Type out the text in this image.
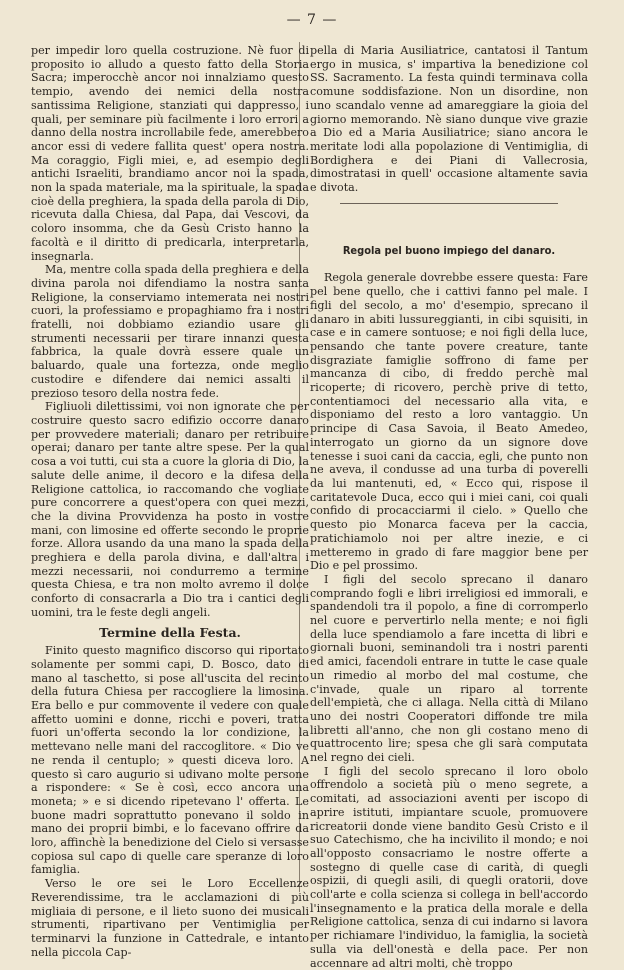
— 7 —

per impedir loro quella costruzione. Nè fuor di proposito io alludo a questo fatto della Storia Sacra; imperocchè ancor noi innalziamo questo tempio, avendo dei nemici della nostra santissima Religione, stanziati qui dappresso, i quali, per seminare più facilmente i loro errori a danno della nostra incrollabile fede, amerebbero ancor essi di vedere fallita quest' opera nostra. Ma coraggio, Figli miei, e, ad esempio degli antichi Israeliti, brandiamo ancor noi la spada, non la spada materiale, ma la spirituale, la spada cioè della preghiera, la spada della parola di Dio, ricevuta dalla Chiesa, dal Papa, dai Vescovi, da coloro insomma, che da Gesù Cristo hanno la facoltà e il diritto di predicarla, interpretarla, insegnarla.

Ma, mentre colla spada della preghiera e della divina parola noi difendiamo la nostra santa Religione, la conserviamo intemerata nei nostri cuori, la professiamo e propaghiamo fra i nostri fratelli, noi dobbiamo eziandio usare gli strumenti necessarii per tirare innanzi questa fabbrica, la quale dovrà essere quale un baluardo, quale una fortezza, onde meglio custodire e difendere dai nemici assalti il prezioso tesoro della nostra fede.

Figliuoli dilettissimi, voi non ignorate che per costruire questo sacro edifizio occorre danaro per provvedere materiali; danaro per retribuire operai; danaro per tante altre spese. Per la qual cosa a voi tutti, cui sta a cuore la gloria di Dio, la salute delle anime, il decoro e la difesa della Religione cattolica, io raccomando che vogliate pure concorrere a quest'opera con quei mezzi, che la divina Provvidenza ha posto in vostre mani, con limosine ed offerte secondo le proprie forze. Allora usando da una mano la spada della preghiera e della parola divina, e dall'altra i mezzi necessarii, noi condurremo a termine questa Chiesa, e tra non molto avremo il dolce conforto di consacrarla a Dio tra i cantici degli uomini, tra le feste degli angeli.

Termine della Festa.

Finito questo magnifico discorso qui riportato solamente per sommi capi, D. Bosco, dato di mano al taschetto, si pose all'uscita del recinto della futura Chiesa per raccogliere la limosina. Era bello e pur commovente il vedere con quale affetto uomini e donne, ricchi e poveri, tratta fuori un'offerta secondo la lor condizione, la mettevano nelle mani del raccoglitore. « Dio ve ne renda il centuplo; » questi diceva loro. A questo sì caro augurio si udivano molte persone a rispondere: « Se è così, ecco ancora una moneta; » e si dicendo ripetevano l' offerta. Le buone madri soprattutto ponevano il soldo in mano dei proprii bimbi, e lo facevano offrire da loro, affinchè la benedizione del Cielo si versasse copiosa sul capo di quelle care speranze di loro famiglia.

Verso le ore sei le Loro Eccellenze Reverendissime, tra le acclamazioni di più migliaia di persone, e il lieto suono dei musicali strumenti, ripartivano per Ventimiglia per terminarvi la funzione in Cattedrale, e intanto nella piccola Cap-

pella di Maria Ausiliatrice, cantatosi il Tantum ergo in musica, s' impartiva la benedizione col SS. Sacramento. La festa quindi terminava colla comune soddisfazione. Non un disordine, non uno scandalo venne ad amareggiare la gioia del giorno memorando. Nè siano dunque vive grazie a Dio ed a Maria Ausiliatrice; siano ancora le meritate lodi alla popolazione di Ventimiglia, di Bordighera e dei Piani di Vallecrosia, dimostratasi in quell' occasione altamente savia e divota.

Regola pel buono impiego del danaro.

Regola generale dovrebbe essere questa: Fare pel bene quello, che i cattivi fanno pel male. I figli del secolo, a mo' d'esempio, sprecano il danaro in abiti lussureggianti, in cibi squisiti, in case e in camere sontuose; e noi figli della luce, pensando che tante povere creature, tante disgraziate famiglie soffrono di fame per mancanza di cibo, di freddo perchè mal ricoperte; di ricovero, perchè prive di tetto, contentiamoci del necessario alla vita, e disponiamo del resto a loro vantaggio. Un principe di Casa Savoia, il Beato Amedeo, interrogato un giorno da un signore dove tenesse i suoi cani da caccia, egli, che punto non ne aveva, il condusse ad una turba di poverelli da lui mantenuti, ed, « Ecco qui, rispose il caritatevole Duca, ecco qui i miei cani, coi quali confido di procacciarmi il cielo. » Quello che questo pio Monarca faceva per la caccia, pratichiamolo noi per altre inezie, e ci metteremo in grado di fare maggior bene per Dio e pel prossimo.

I figli del secolo sprecano il danaro comprando fogli e libri irreligiosi ed immorali, e spandendoli tra il popolo, a fine di corromperlo nel cuore e pervertirlo nella mente; e noi figli della luce spendiamolo a fare incetta di libri e giornali buoni, seminandoli tra i nostri parenti ed amici, facendoli entrare in tutte le case quale un rimedio al morbo del mal costume, che c'invade, quale un riparo al torrente dell'empietà, che ci allaga. Nella città di Milano uno dei nostri Cooperatori diffonde tre mila libretti all'anno, che non gli costano meno di quattrocento lire; spesa che gli sarà computata nel regno dei cieli.

I figli del secolo sprecano il loro obolo offrendolo a società più o meno segrete, a comitati, ad associazioni aventi per iscopo di aprire istituti, impiantare scuole, promuovere ricreatorii donde viene bandito Gesù Cristo e il suo Catechismo, che ha incivilito il mondo; e noi all'opposto consacriamo le nostre offerte a sostegno di quelle case di carità, di quegli ospizii, di quegli asili, di quegli oratorii, dove coll'arte e colla scienza si collega in bell'accordo l'insegnamento e la pratica della morale e della Religione cattolica, senza di cui indarno si lavora per richiamare l'individuo, la famiglia, la società sulla via dell'onestà e della pace. Per non accennare ad altri molti, chè troppo
